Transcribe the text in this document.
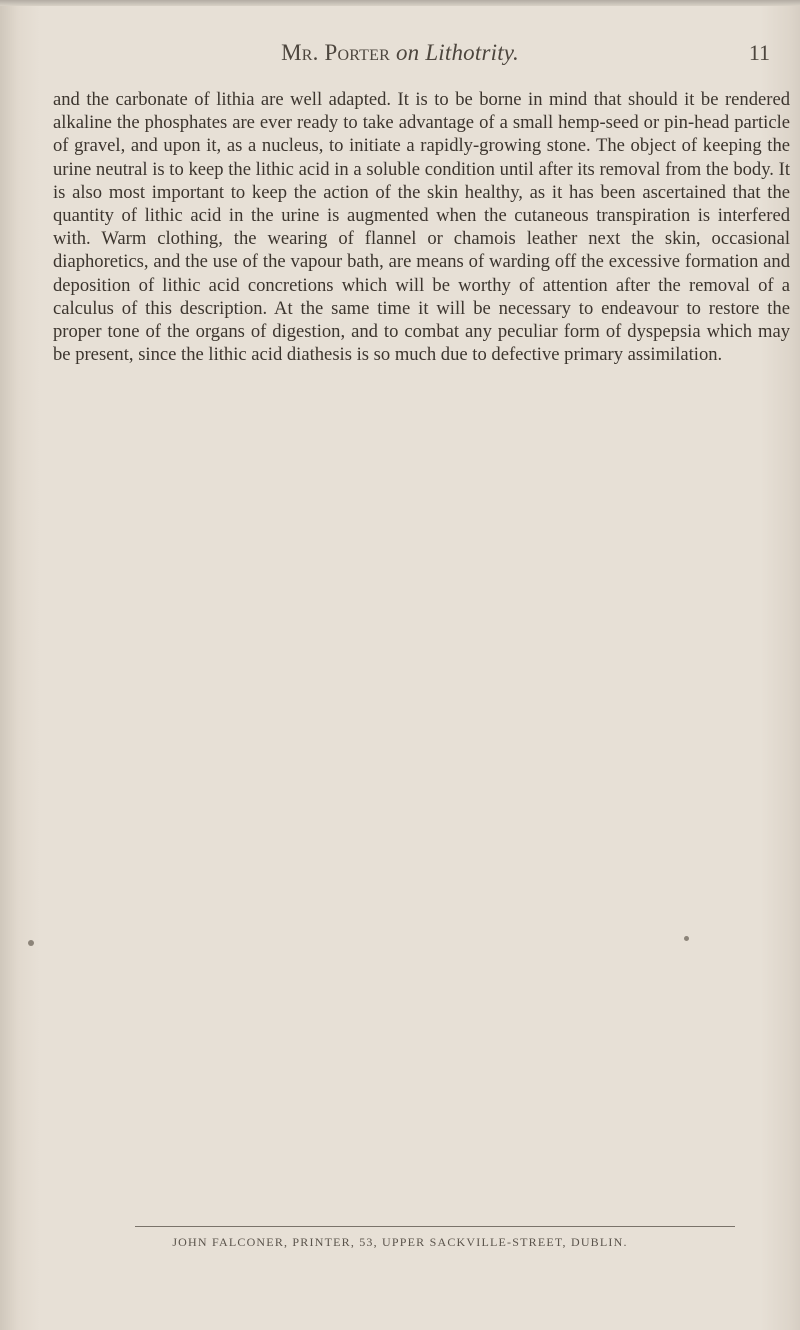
Mr. Porter on Lithotrity.	11

and the carbonate of lithia are well adapted. It is to be borne in mind that should it be rendered alkaline the phosphates are ever ready to take advantage of a small hemp-seed or pin-head particle of gravel, and upon it, as a nucleus, to initiate a rapidly-growing stone. The object of keeping the urine neutral is to keep the lithic acid in a soluble condition until after its removal from the body. It is also most important to keep the action of the skin healthy, as it has been ascertained that the quantity of lithic acid in the urine is augmented when the cutaneous transpiration is interfered with. Warm clothing, the wearing of flannel or chamois leather next the skin, occasional diaphoretics, and the use of the vapour bath, are means of warding off the excessive formation and deposition of lithic acid concretions which will be worthy of attention after the removal of a calculus of this description. At the same time it will be necessary to endeavour to restore the proper tone of the organs of digestion, and to combat any peculiar form of dyspepsia which may be present, since the lithic acid diathesis is so much due to defective primary assimilation.

JOHN FALCONER, PRINTER, 53, UPPER SACKVILLE-STREET, DUBLIN.
